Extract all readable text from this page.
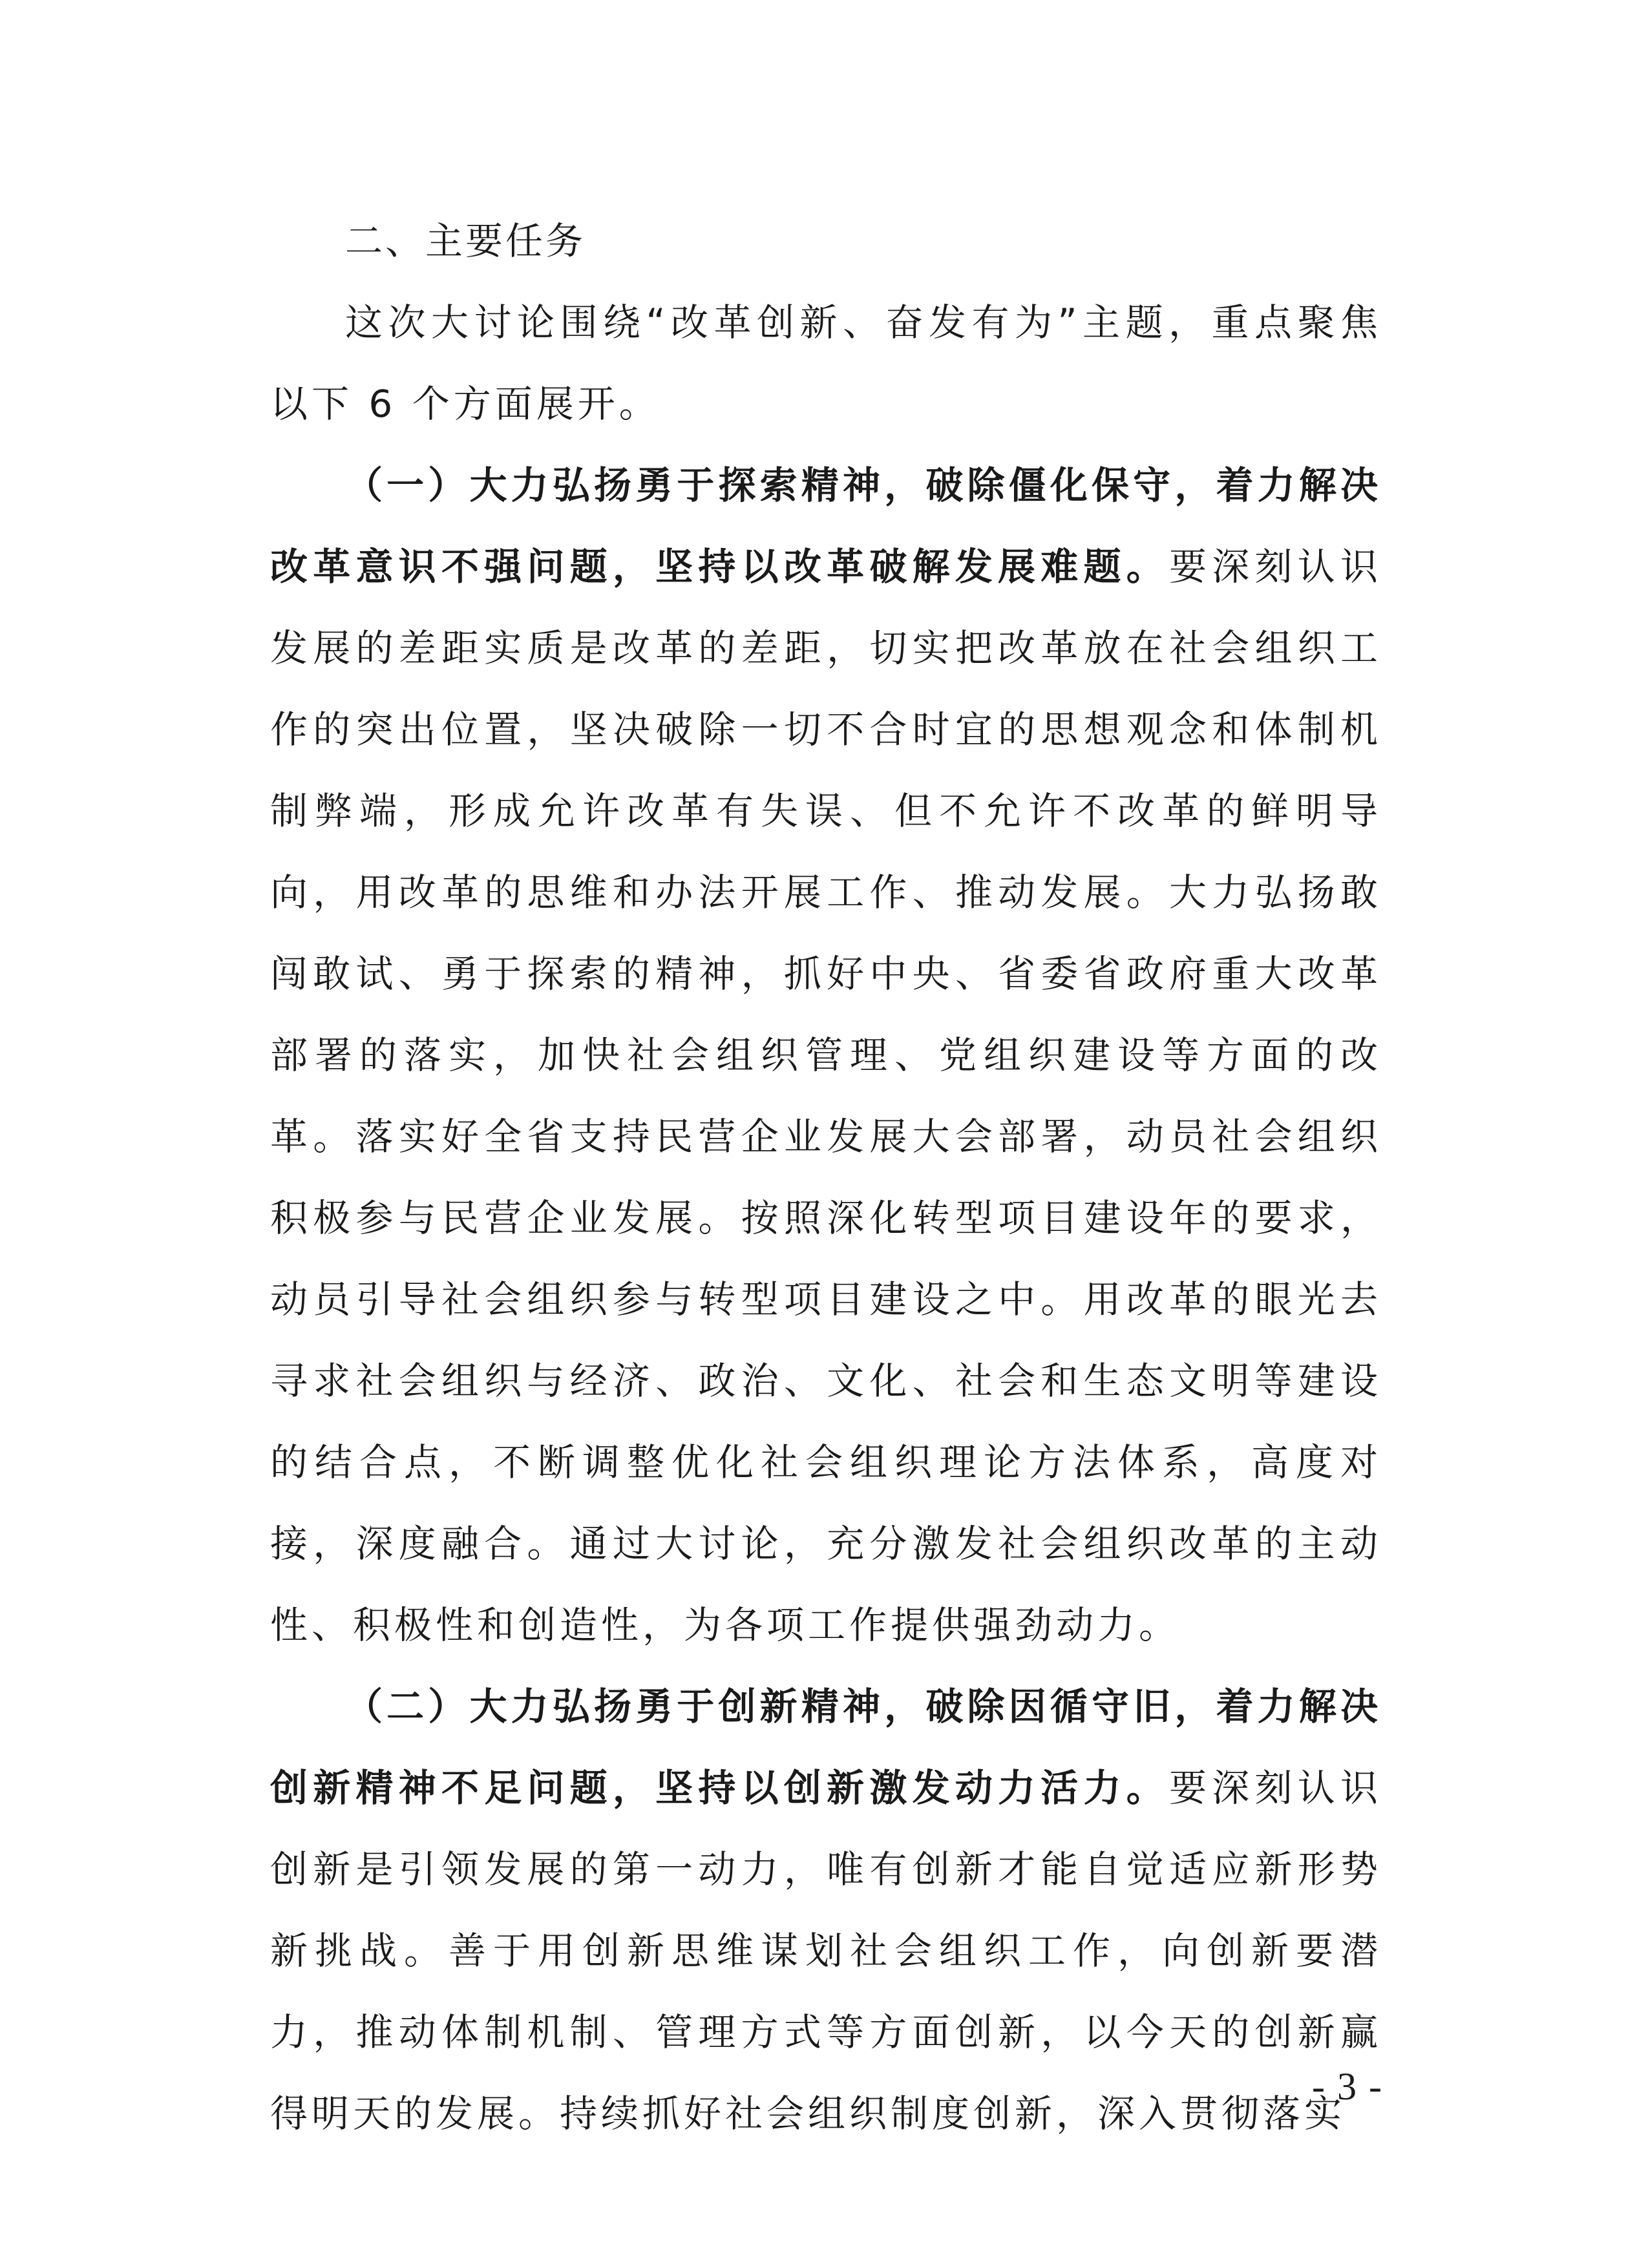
二、主要任务

这次大讨论围绕“改革创新、奋发有为”主题，重点聚焦以下 6 个方面展开。

（一）大力弘扬勇于探索精神，破除僵化保守，着力解决改革意识不强问题，坚持以改革破解发展难题。要深刻认识发展的差距实质是改革的差距，切实把改革放在社会组织工作的突出位置，坚决破除一切不合时宜的思想观念和体制机制弊端，形成允许改革有失误、但不允许不改革的鲜明导向，用改革的思维和办法开展工作、推动发展。大力弘扬敢闯敢试、勇于探索的精神，抓好中央、省委省政府重大改革部署的落实，加快社会组织管理、党组织建设等方面的改革。落实好全省支持民营企业发展大会部署，动员社会组织积极参与民营企业发展。按照深化转型项目建设年的要求，动员引导社会组织参与转型项目建设之中。用改革的眼光去寻求社会组织与经济、政治、文化、社会和生态文明等建设的结合点，不断调整优化社会组织理论方法体系，高度对接，深度融合。通过大讨论，充分激发社会组织改革的主动性、积极性和创造性，为各项工作提供强劲动力。

（二）大力弘扬勇于创新精神，破除因循守旧，着力解决创新精神不足问题，坚持以创新激发动力活力。要深刻认识创新是引领发展的第一动力，唯有创新才能自觉适应新形势新挑战。善于用创新思维谋划社会组织工作，向创新要潜力，推动体制机制、管理方式等方面创新，以今天的创新赢得明天的发展。持续抓好社会组织制度创新，深入贯彻落实

- 3 -
